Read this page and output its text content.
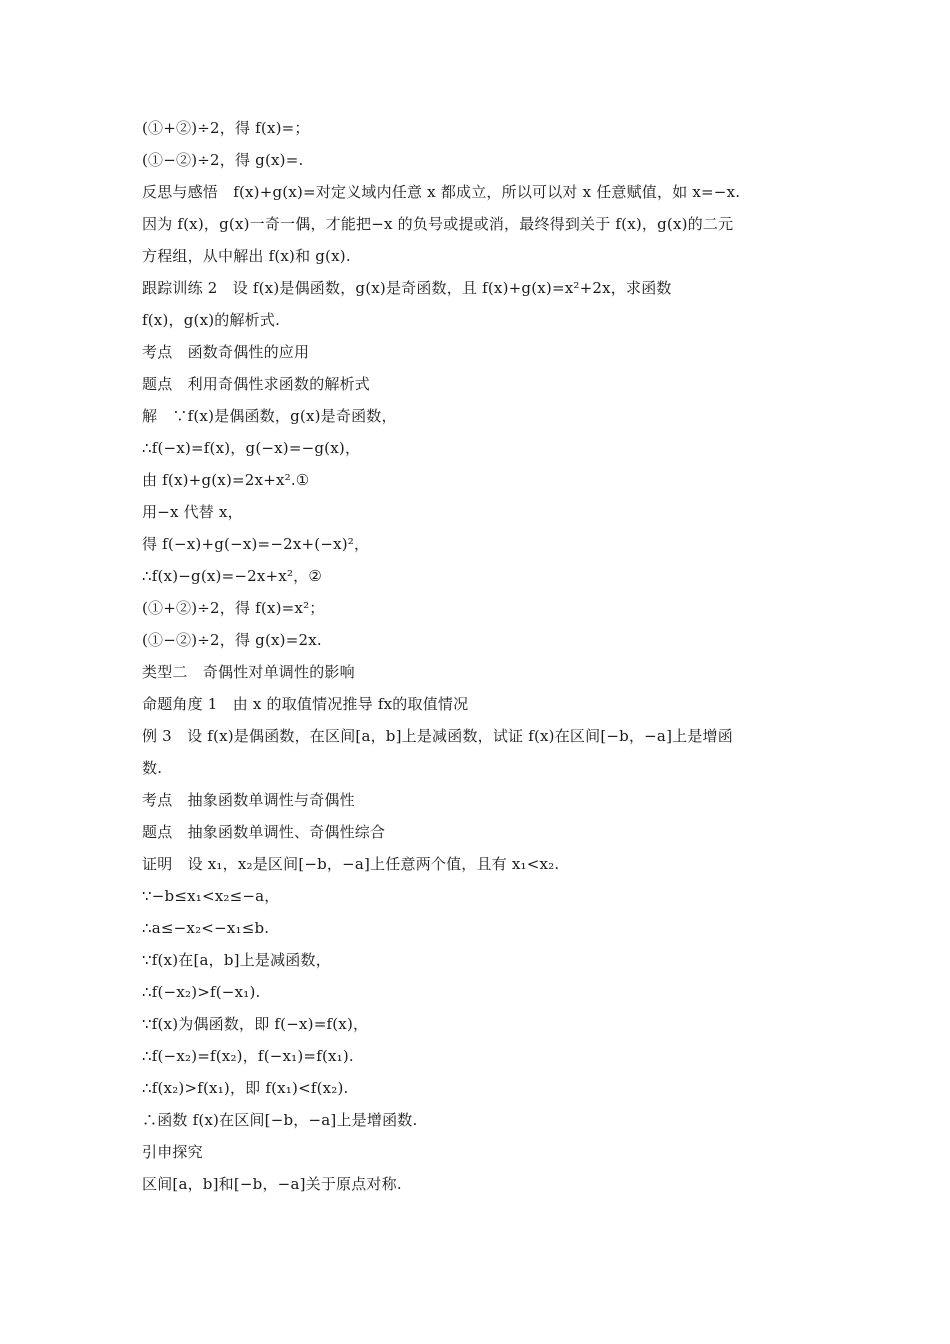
(①+②)÷2，得 f(x)=；
(①−②)÷2，得 g(x)=.
反思与感悟　f(x)+g(x)=对定义域内任意 x 都成立，所以可以对 x 任意赋值，如 x=−x.
因为 f(x)，g(x)一奇一偶，才能把−x 的负号或提或消，最终得到关于 f(x)，g(x)的二元
方程组，从中解出 f(x)和 g(x).
跟踪训练 2　设 f(x)是偶函数，g(x)是奇函数，且 f(x)+g(x)=x²+2x，求函数
f(x)，g(x)的解析式.
考点　函数奇偶性的应用
题点　利用奇偶性求函数的解析式
解　∵f(x)是偶函数，g(x)是奇函数，
∴f(−x)=f(x)，g(−x)=−g(x)，
由 f(x)+g(x)=2x+x².①
用−x 代替 x，
得 f(−x)+g(−x)=−2x+(−x)²，
∴f(x)−g(x)=−2x+x²，②
(①+②)÷2，得 f(x)=x²；
(①−②)÷2，得 g(x)=2x.
类型二　奇偶性对单调性的影响
命题角度 1　由 x 的取值情况推导 fx的取值情况
例 3　设 f(x)是偶函数，在区间[a，b]上是减函数，试证 f(x)在区间[−b，−a]上是增函
数.
考点　抽象函数单调性与奇偶性
题点　抽象函数单调性、奇偶性综合
证明　设 x₁，x₂是区间[−b，−a]上任意两个值，且有 x₁<x₂.
∵−b≤x₁<x₂≤−a，
∴a≤−x₂<−x₁≤b.
∵f(x)在[a，b]上是减函数，
∴f(−x₂)>f(−x₁).
∵f(x)为偶函数，即 f(−x)=f(x)，
∴f(−x₂)=f(x₂)，f(−x₁)=f(x₁).
∴f(x₂)>f(x₁)，即 f(x₁)<f(x₂).
∴函数 f(x)在区间[−b，−a]上是增函数.
引申探究
区间[a，b]和[−b，−a]关于原点对称.
